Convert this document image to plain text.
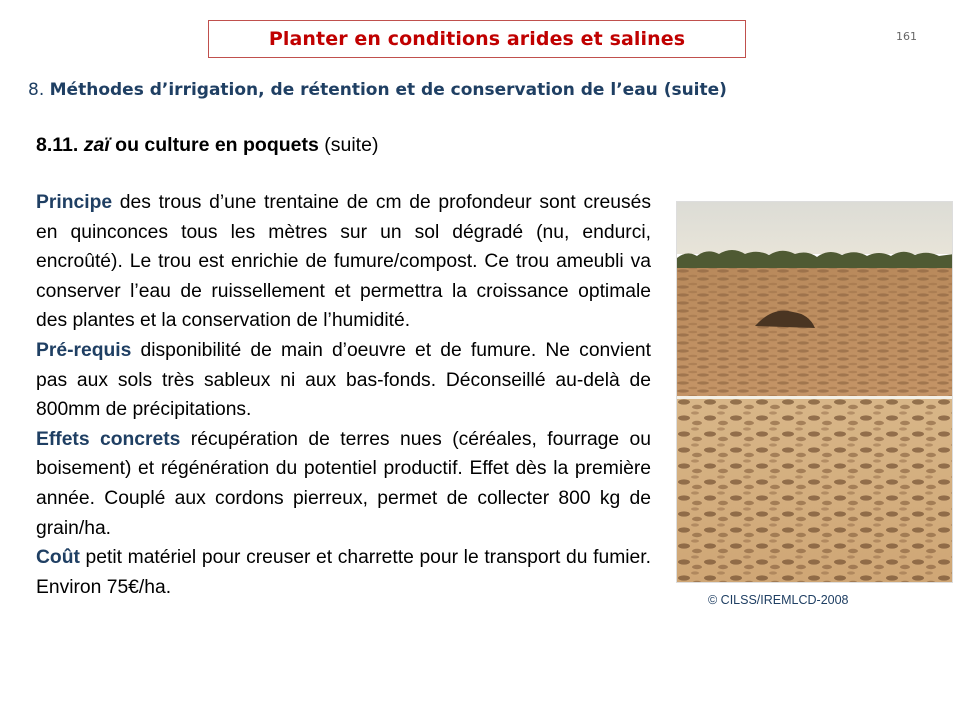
Planter en conditions arides et salines	161
8. Méthodes d’irrigation, de rétention et de conservation de l’eau (suite)
8.11. zaï ou culture en poquets (suite)

Principe des trous d’une trentaine de cm de profondeur sont creusés en quinconces tous les mètres sur un sol dégradé (nu, endurci, encroûté). Le trou est enrichie de fumure/compost. Ce trou ameubli va conserver l’eau de ruissellement et permettra la croissance optimale des plantes et la conservation de l’humidité.

Pré-requis disponibilité de main d’oeuvre et de fumure. Ne convient pas aux sols très sableux ni aux bas-fonds. Déconseillé au-delà de 800mm de précipitations.

Effets concrets récupération de terres nues (céréales, fourrage ou boisement) et régénération du potentiel productif. Effet dès la première année. Couplé aux cordons pierreux, permet de collecter 800 kg de grain/ha.

Coût petit matériel pour creuser et charrette pour le transport du fumier. Environ 75€/ha.

© CILSS/IREMLCD-2008
